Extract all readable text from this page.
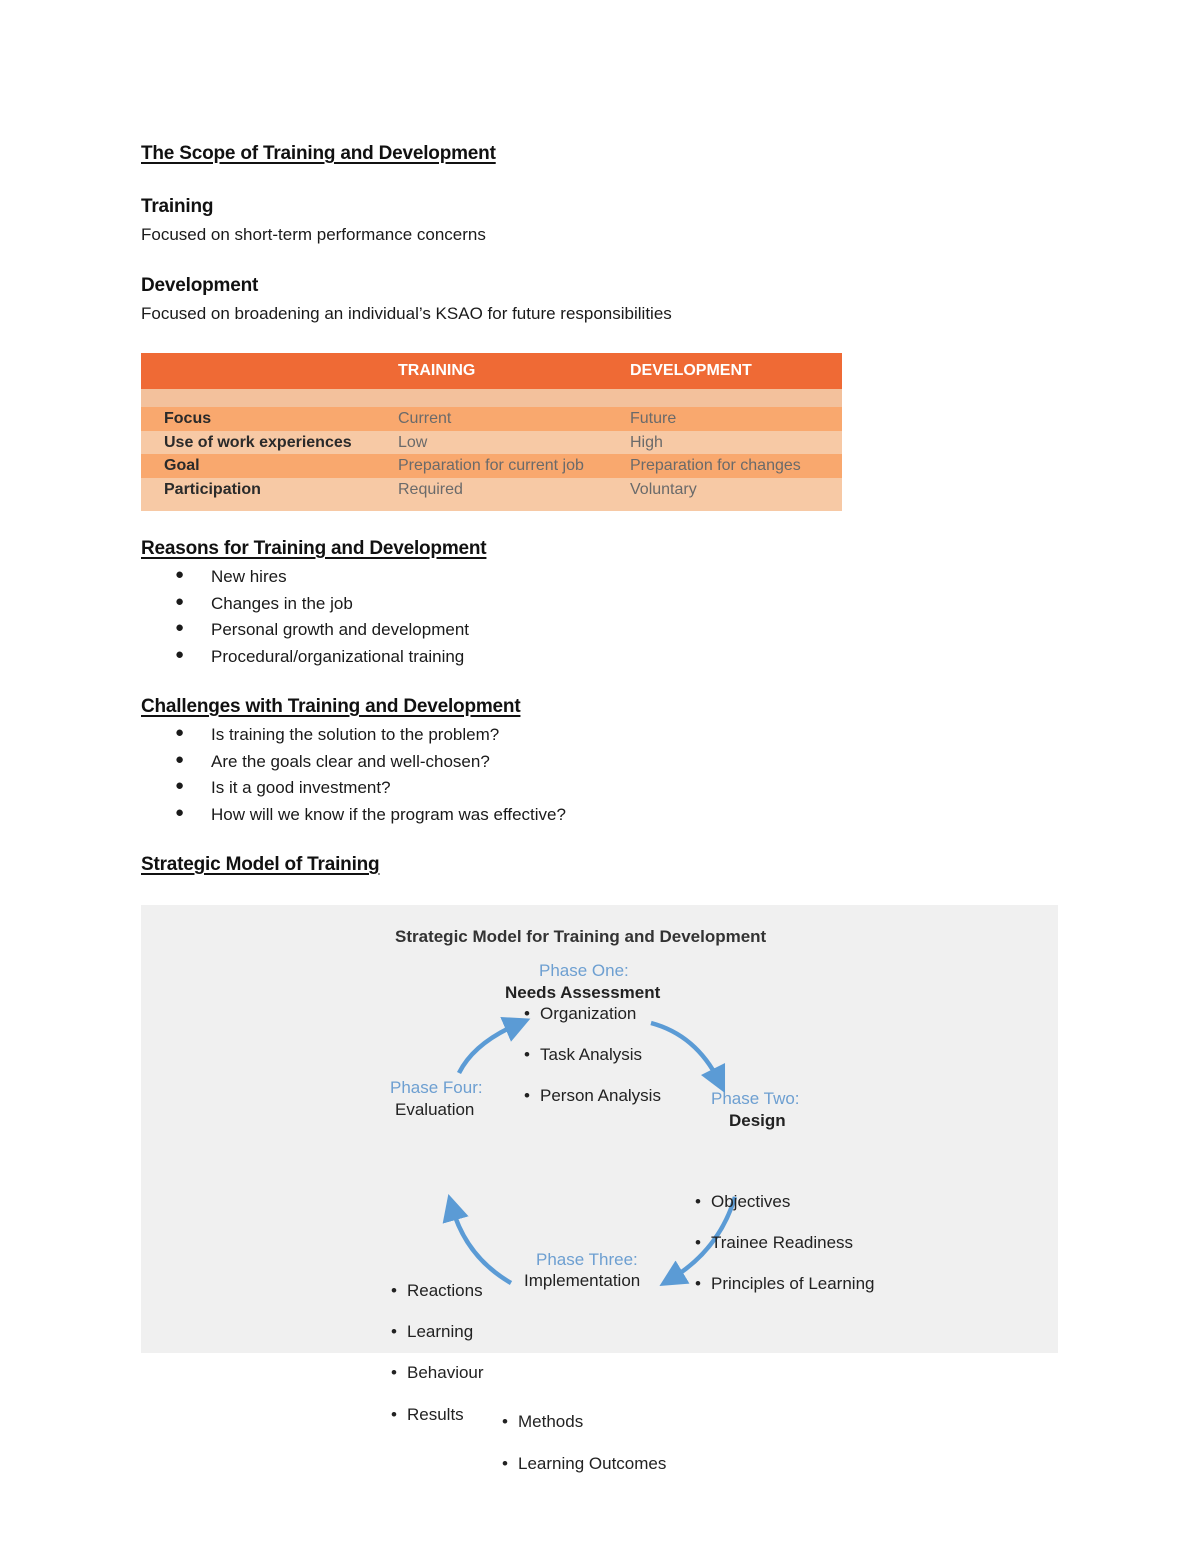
The Scope of Training and Development
Training
Focused on short-term performance concerns
Development
Focused on broadening an individual’s KSAO for future responsibilities
TRAINING	DEVELOPMENT
Focus	Current	Future
Use of work experiences	Low	High
Goal	Preparation for current job	Preparation for changes
Participation	Required	Voluntary
Reasons for Training and Development
● New hires
● Changes in the job
● Personal growth and development
● Procedural/organizational training
Challenges with Training and Development
● Is training the solution to the problem?
● Are the goals clear and well-chosen?
● Is it a good investment?
● How will we know if the program was effective?
Strategic Model of Training
Strategic Model for Training and Development
Phase One:
Needs Assessment
• Organization
• Task Analysis
• Person Analysis	Phase Two:
Design
• Objectives
• Trainee Readiness
• Principles of Learning
Phase Three:
Implementation
• Methods
• Learning Outcomes
Phase Four:
Evaluation
• Reactions
• Learning
• Behaviour
• Results
